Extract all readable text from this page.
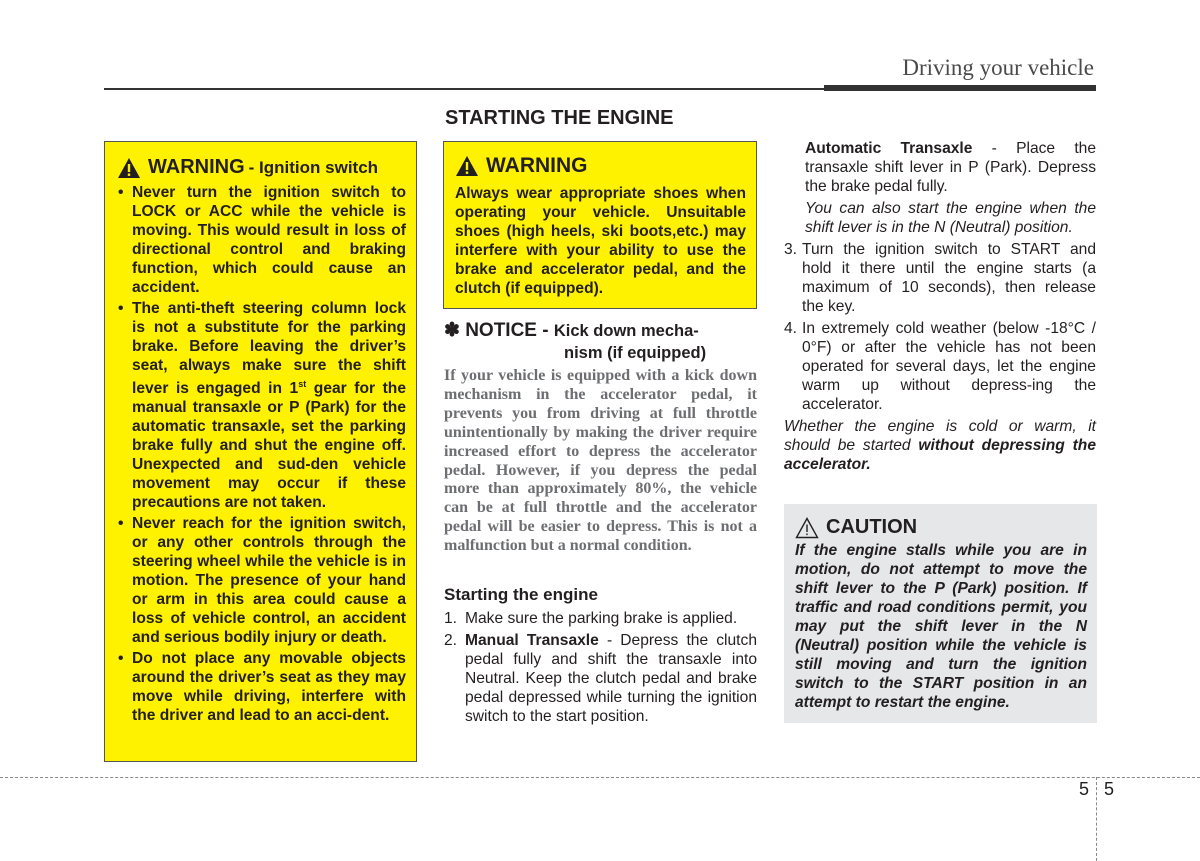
Driving your vehicle
STARTING THE ENGINE
WARNING - Ignition switch
• Never turn the ignition switch to LOCK or ACC while the vehicle is moving. This would result in loss of directional control and braking function, which could cause an accident.
• The anti-theft steering column lock is not a substitute for the parking brake. Before leaving the driver’s seat, always make sure the shift lever is engaged in 1st gear for the manual transaxle or P (Park) for the automatic transaxle, set the parking brake fully and shut the engine off. Unexpected and sud-den vehicle movement may occur if these precautions are not taken.
• Never reach for the ignition switch, or any other controls through the steering wheel while the vehicle is in motion. The presence of your hand or arm in this area could cause a loss of vehicle control, an accident and serious bodily injury or death.
• Do not place any movable objects around the driver’s seat as they may move while driving, interfere with the driver and lead to an acci-dent.
WARNING

Always wear appropriate shoes when operating your vehicle. Unsuitable shoes (high heels, ski boots,etc.) may interfere with your ability to use the brake and accelerator pedal, and the clutch (if equipped).

✽ NOTICE - Kick down mecha-
nism (if equipped)
If your vehicle is equipped with a kick down mechanism in the accelerator pedal, it prevents you from driving at full throttle unintentionally by making the driver require increased effort to depress the accelerator pedal. However, if you depress the pedal more than approximately 80%, the vehicle can be at full throttle and the accelerator pedal will be easier to depress. This is not a malfunction but a normal condition.
Starting the engine
1. Make sure the parking brake is applied.
2. Manual Transaxle - Depress the clutch pedal fully and shift the transaxle into Neutral. Keep the clutch pedal and brake pedal depressed while turning the ignition switch to the start position.
Automatic Transaxle - Place the transaxle shift lever in P (Park). Depress the brake pedal fully.
You can also start the engine when the shift lever is in the N (Neutral) position.
3. Turn the ignition switch to START and hold it there until the engine starts (a maximum of 10 seconds), then release the key.
4. In extremely cold weather (below -18°C / 0°F) or after the vehicle has not been operated for several days, let the engine warm up without depress-ing the accelerator.
Whether the engine is cold or warm, it should be started without depressing the accelerator.
CAUTION

If the engine stalls while you are in motion, do not attempt to move the shift lever to the P (Park) position. If traffic and road conditions permit, you may put the shift lever in the N (Neutral) position while the vehicle is still moving and turn the ignition switch to the START position in an attempt to restart the engine.

5 5
